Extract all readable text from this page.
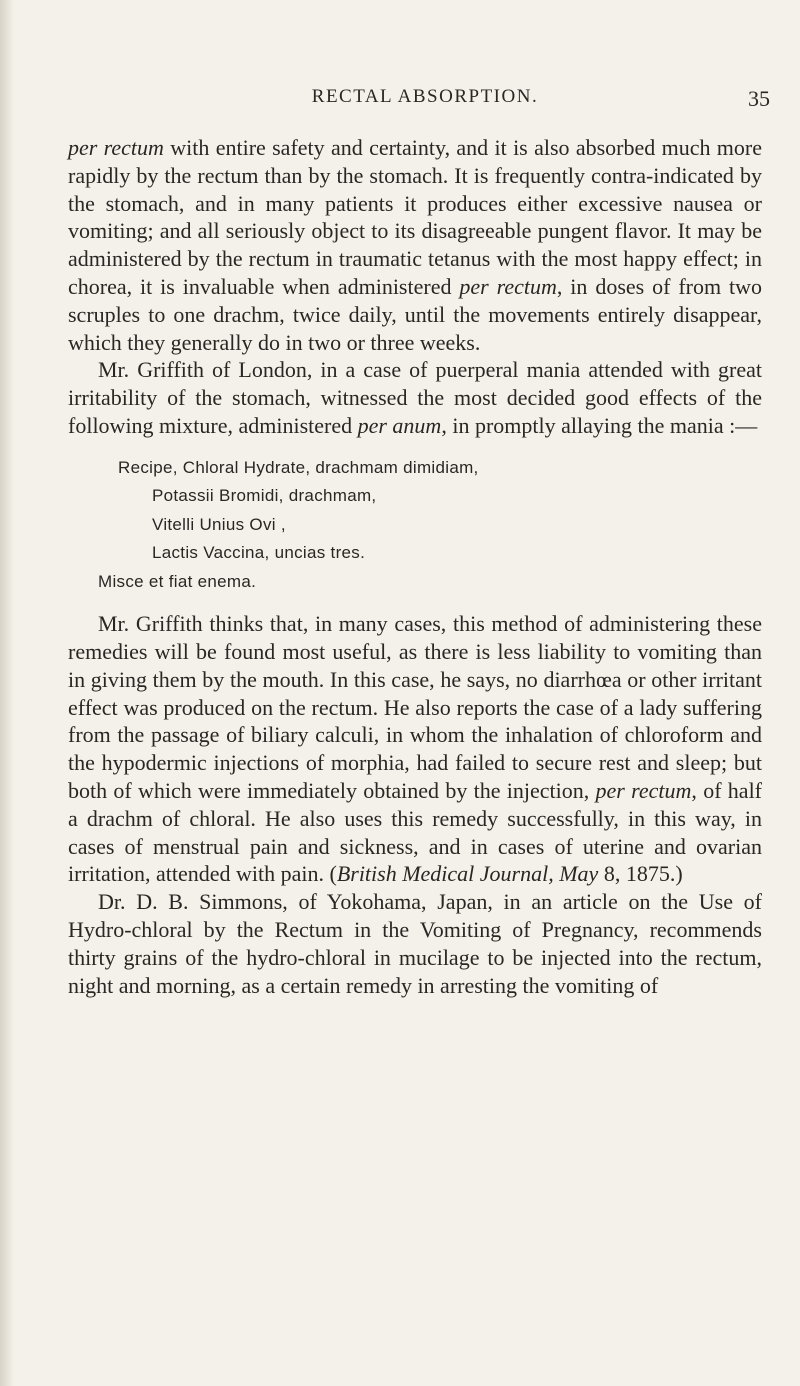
RECTAL ABSORPTION.	35

per rectum with entire safety and certainty, and it is also absorbed much more rapidly by the rectum than by the stomach. It is frequently contra-indicated by the stomach, and in many patients it produces either excessive nausea or vomiting; and all seriously object to its disagreeable pungent flavor. It may be administered by the rectum in traumatic tetanus with the most happy effect; in chorea, it is invaluable when administered per rectum, in doses of from two scruples to one drachm, twice daily, until the movements entirely disappear, which they generally do in two or three weeks.

Mr. Griffith of London, in a case of puerperal mania attended with great irritability of the stomach, witnessed the most decided good effects of the following mixture, administered per anum, in promptly allaying the mania :—

Recipe, Chloral Hydrate, drachmam dimidiam,
Potassii Bromidi, drachmam,
Vitelli Unius Ovi ,
Lactis Vaccina, uncias tres.
Misce et fiat enema.

Mr. Griffith thinks that, in many cases, this method of administering these remedies will be found most useful, as there is less liability to vomiting than in giving them by the mouth. In this case, he says, no diarrhœa or other irritant effect was produced on the rectum. He also reports the case of a lady suffering from the passage of biliary calculi, in whom the inhalation of chloroform and the hypodermic injections of morphia, had failed to secure rest and sleep; but both of which were immediately obtained by the injection, per rectum, of half a drachm of chloral. He also uses this remedy successfully, in this way, in cases of menstrual pain and sickness, and in cases of uterine and ovarian irritation, attended with pain. (British Medical Journal, May 8, 1875.)

Dr. D. B. Simmons, of Yokohama, Japan, in an article on the Use of Hydro-chloral by the Rectum in the Vomiting of Pregnancy, recommends thirty grains of the hydro-chloral in mucilage to be injected into the rectum, night and morning, as a certain remedy in arresting the vomiting of
